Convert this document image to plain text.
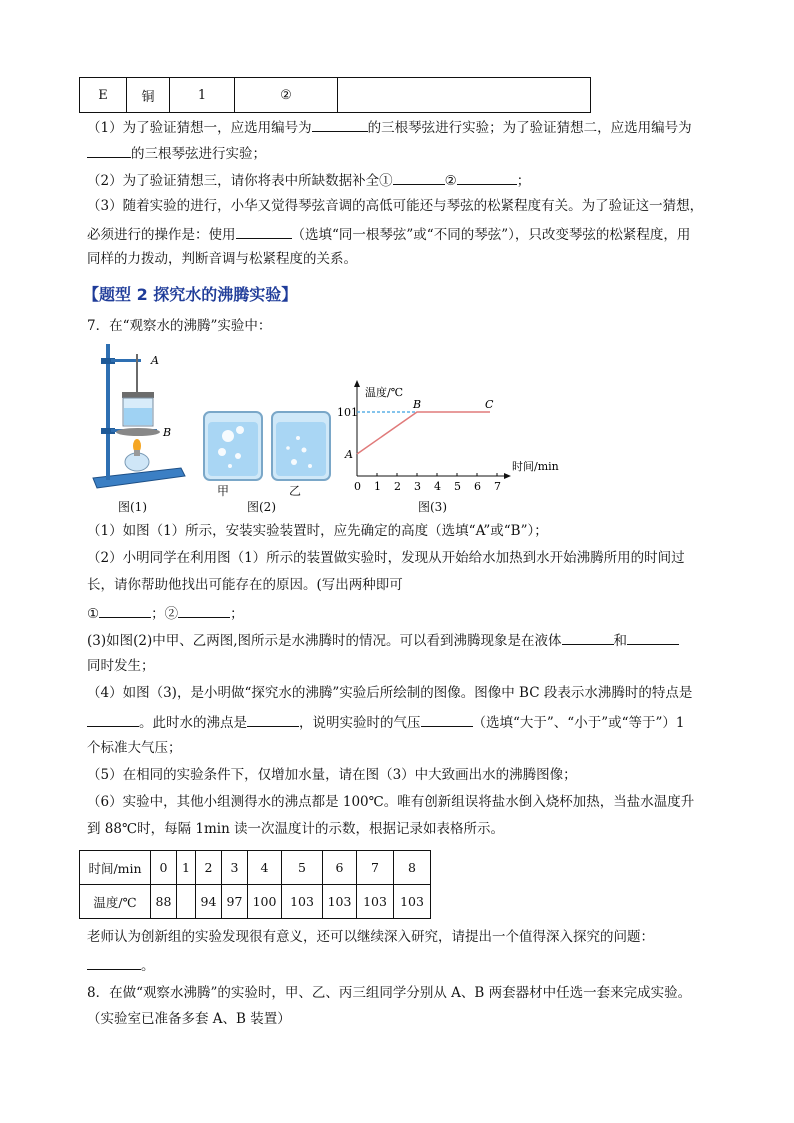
E	铜	1	②	
（1）为了验证猜想一，应选用编号为	的三根琴弦进行实验；为了验证猜想二，应选用编号为
的三根琴弦进行实验；
（2）为了验证猜想三，请你将表中所缺数据补全①	②	；
（3）随着实验的进行，小华又觉得琴弦音调的高低可能还与琴弦的松紧程度有关。为了验证这一猜想，
必须进行的操作是：使用	（选填“同一根琴弦”或“不同的琴弦”），只改变琴弦的松紧程度，用
同样的力拨动，判断音调与松紧程度的关系。
【题型 2 探究水的沸腾实验】
7．在“观察水的沸腾”实验中：
A
B
图(1)
甲	乙
图(2)
0 1 2 3 4 5 6 7
101
温度/℃
时间/min
A
B	C
图(3)
（1）如图（1）所示，安装实验装置时，应先确定的高度（选填“A”或“B”）；
（2）小明同学在利用图（1）所示的装置做实验时，发现从开始给水加热到水开始沸腾所用的时间过
长，请你帮助他找出可能存在的原因。(写出两种即可
①	；②	；
(3)如图(2)中甲、乙两图,图所示是水沸腾时的情况。可以看到沸腾现象是在液体	和
同时发生；
（4）如图（3)，是小明做“探究水的沸腾”实验后所绘制的图像。图像中 BC 段表示水沸腾时的特点是
。此时水的沸点是	，说明实验时的气压	（选填“大于”、“小于”或“等于”）1
个标准大气压；
（5）在相同的实验条件下，仅增加水量，请在图（3）中大致画出水的沸腾图像；
（6）实验中，其他小组测得水的沸点都是 100℃。唯有创新组误将盐水倒入烧杯加热，当盐水温度升
到 88℃时，每隔 1min 读一次温度计的示数，根据记录如表格所示。
时间/min	0	1	2	3	4	5	6	7	8
温度/℃	88		94	97	100	103	103	103	103
老师认为创新组的实验发现很有意义，还可以继续深入研究，请提出一个值得深入探究的问题：
。
8．在做“观察水沸腾”的实验时，甲、乙、丙三组同学分别从 A、B 两套器材中任选一套来完成实验。
（实验室已准备多套 A、B 装置）
